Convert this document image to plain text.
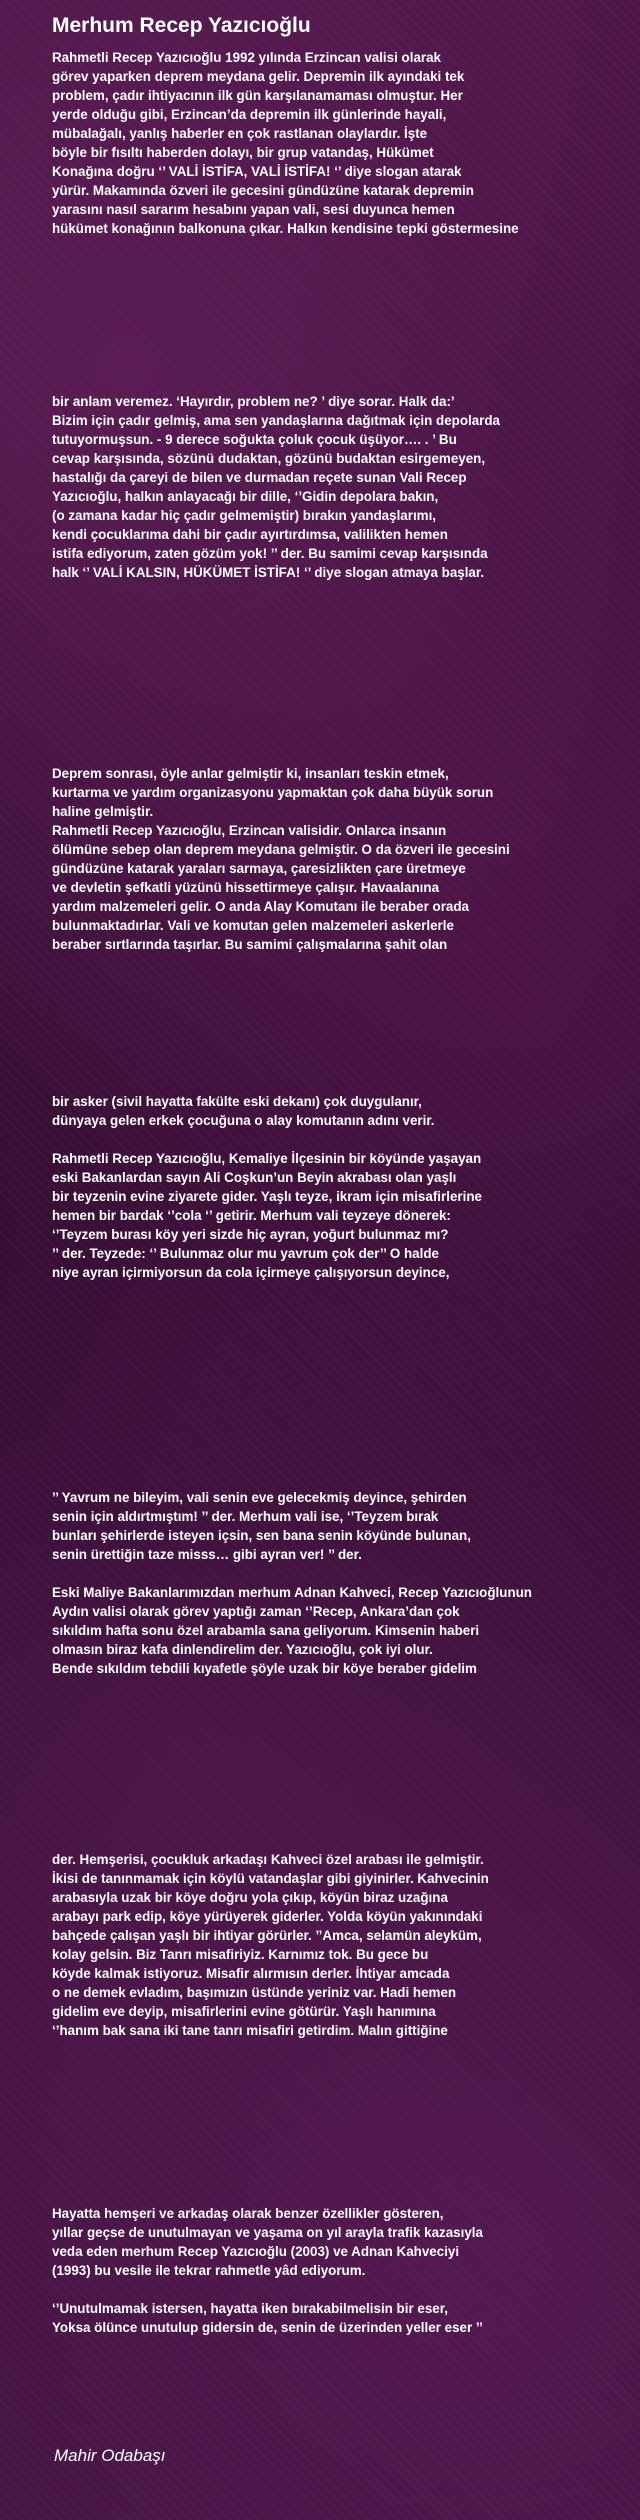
Merhum Recep Yazıcıoğlu
Rahmetli Recep Yazıcıoğlu 1992 yılında Erzincan valisi olarak
görev yaparken deprem meydana gelir. Depremin ilk ayındaki tek
problem, çadır ihtiyacının ilk gün karşılanamaması olmuştur. Her
yerde olduğu gibi, Erzincan’da depremin ilk günlerinde hayali,
mübalağalı, yanlış haberler en çok rastlanan olaylardır. İşte
böyle bir fısıltı haberden dolayı, bir grup vatandaş, Hükümet
Konağına doğru ‘’ VALİ İSTİFA, VALİ İSTİFA! ‘’ diye slogan atarak
yürür. Makamında özveri ile gecesini gündüzüne katarak depremin
yarasını nasıl sararım hesabını yapan vali, sesi duyunca hemen
hükümet konağının balkonuna çıkar. Halkın kendisine tepki göstermesine
bir anlam veremez. ‘Hayırdır, problem ne? ’ diye sorar. Halk da:’
Bizim için çadır gelmiş, ama sen yandaşlarına dağıtmak için depolarda
tutuyormuşsun. - 9 derece soğukta çoluk çocuk üşüyor…. . ’ Bu
cevap karşısında, sözünü dudaktan, gözünü budaktan esirgemeyen,
hastalığı da çareyi de bilen ve durmadan reçete sunan Vali Recep
Yazıcıoğlu, halkın anlayacağı bir dille, ‘’Gidin depolara bakın,
(o zamana kadar hiç çadır gelmemiştir) bırakın yandaşlarımı,
kendi çocuklarıma dahi bir çadır ayırtırdımsa, valilikten hemen
istifa ediyorum, zaten gözüm yok! ’’ der. Bu samimi cevap karşısında
halk ‘’ VALİ KALSIN, HÜKÜMET İSTİFA! ‘’ diye slogan atmaya başlar.
Deprem sonrası, öyle anlar gelmiştir ki, insanları teskin etmek,
kurtarma ve yardım organizasyonu yapmaktan çok daha büyük sorun
haline gelmiştir.
Rahmetli Recep Yazıcıoğlu, Erzincan valisidir. Onlarca insanın
ölümüne sebep olan deprem meydana gelmiştir. O da özveri ile gecesini
gündüzüne katarak yaraları sarmaya, çaresizlikten çare üretmeye
ve devletin şefkatli yüzünü hissettirmeye çalışır. Havaalanına
yardım malzemeleri gelir. O anda Alay Komutanı ile beraber orada
bulunmaktadırlar. Vali ve komutan gelen malzemeleri askerlerle
beraber sırtlarında taşırlar. Bu samimi çalışmalarına şahit olan
bir asker (sivil hayatta fakülte eski dekanı) çok duygulanır,
dünyaya gelen erkek çocuğuna o alay komutanın adını verir.

Rahmetli Recep Yazıcıoğlu, Kemaliye İlçesinin bir köyünde yaşayan
eski Bakanlardan sayın Ali Coşkun’un Beyin akrabası olan yaşlı
bir teyzenin evine ziyarete gider. Yaşlı teyze, ikram için misafirlerine
hemen bir bardak ‘’cola ‘’ getirir. Merhum vali teyzeye dönerek:
‘’Teyzem burası köy yeri sizde hiç ayran, yoğurt bulunmaz mı?
’’ der. Teyzede: ‘’ Bulunmaz olur mu yavrum çok der’’ O halde
niye ayran içirmiyorsun da cola içirmeye çalışıyorsun deyince,
’’ Yavrum ne bileyim, vali senin eve gelecekmiş deyince, şehirden
senin için aldırtmıştım! ’’ der. Merhum vali ise, ‘’Teyzem bırak
bunları şehirlerde isteyen içsin, sen bana senin köyünde bulunan,
senin ürettiğin taze misss… gibi ayran ver! ’’ der.

Eski Maliye Bakanlarımızdan merhum Adnan Kahveci, Recep Yazıcıoğlunun
Aydın valisi olarak görev yaptığı zaman ‘’Recep, Ankara’dan çok
sıkıldım hafta sonu özel arabamla sana geliyorum. Kimsenin haberi
olmasın biraz kafa dinlendirelim der. Yazıcıoğlu, çok iyi olur.
Bende sıkıldım tebdili kıyafetle şöyle uzak bir köye beraber gidelim
der. Hemşerisi, çocukluk arkadaşı Kahveci özel arabası ile gelmiştir.
İkisi de tanınmamak için köylü vatandaşlar gibi giyinirler. Kahvecinin
arabasıyla uzak bir köye doğru yola çıkıp, köyün biraz uzağına
arabayı park edip, köye yürüyerek giderler. Yolda köyün yakınındaki
bahçede çalışan yaşlı bir ihtiyar görürler. ’’Amca, selamün aleyküm,
kolay gelsin. Biz Tanrı misafiriyiz. Karnımız tok. Bu gece bu
köyde kalmak istiyoruz. Misafir alırmısın derler. İhtiyar amcada
o ne demek evladım, başımızın üstünde yeriniz var. Hadi hemen
gidelim eve deyip, misafirlerini evine götürür. Yaşlı hanımına
‘’hanım bak sana iki tane tanrı misafiri getirdim. Malın gittiğine
Hayatta hemşeri ve arkadaş olarak benzer özellikler gösteren,
yıllar geçse de unutulmayan ve yaşama on yıl arayla trafik kazasıyla
veda eden merhum Recep Yazıcıoğlu (2003) ve Adnan Kahveciyi
(1993) bu vesile ile tekrar rahmetle yâd ediyorum.

‘’Unutulmamak istersen, hayatta iken bırakabilmelisin bir eser,
Yoksa ölünce unutulup gidersin de, senin de üzerinden yeller eser ’’

Mahir Odabaşı
